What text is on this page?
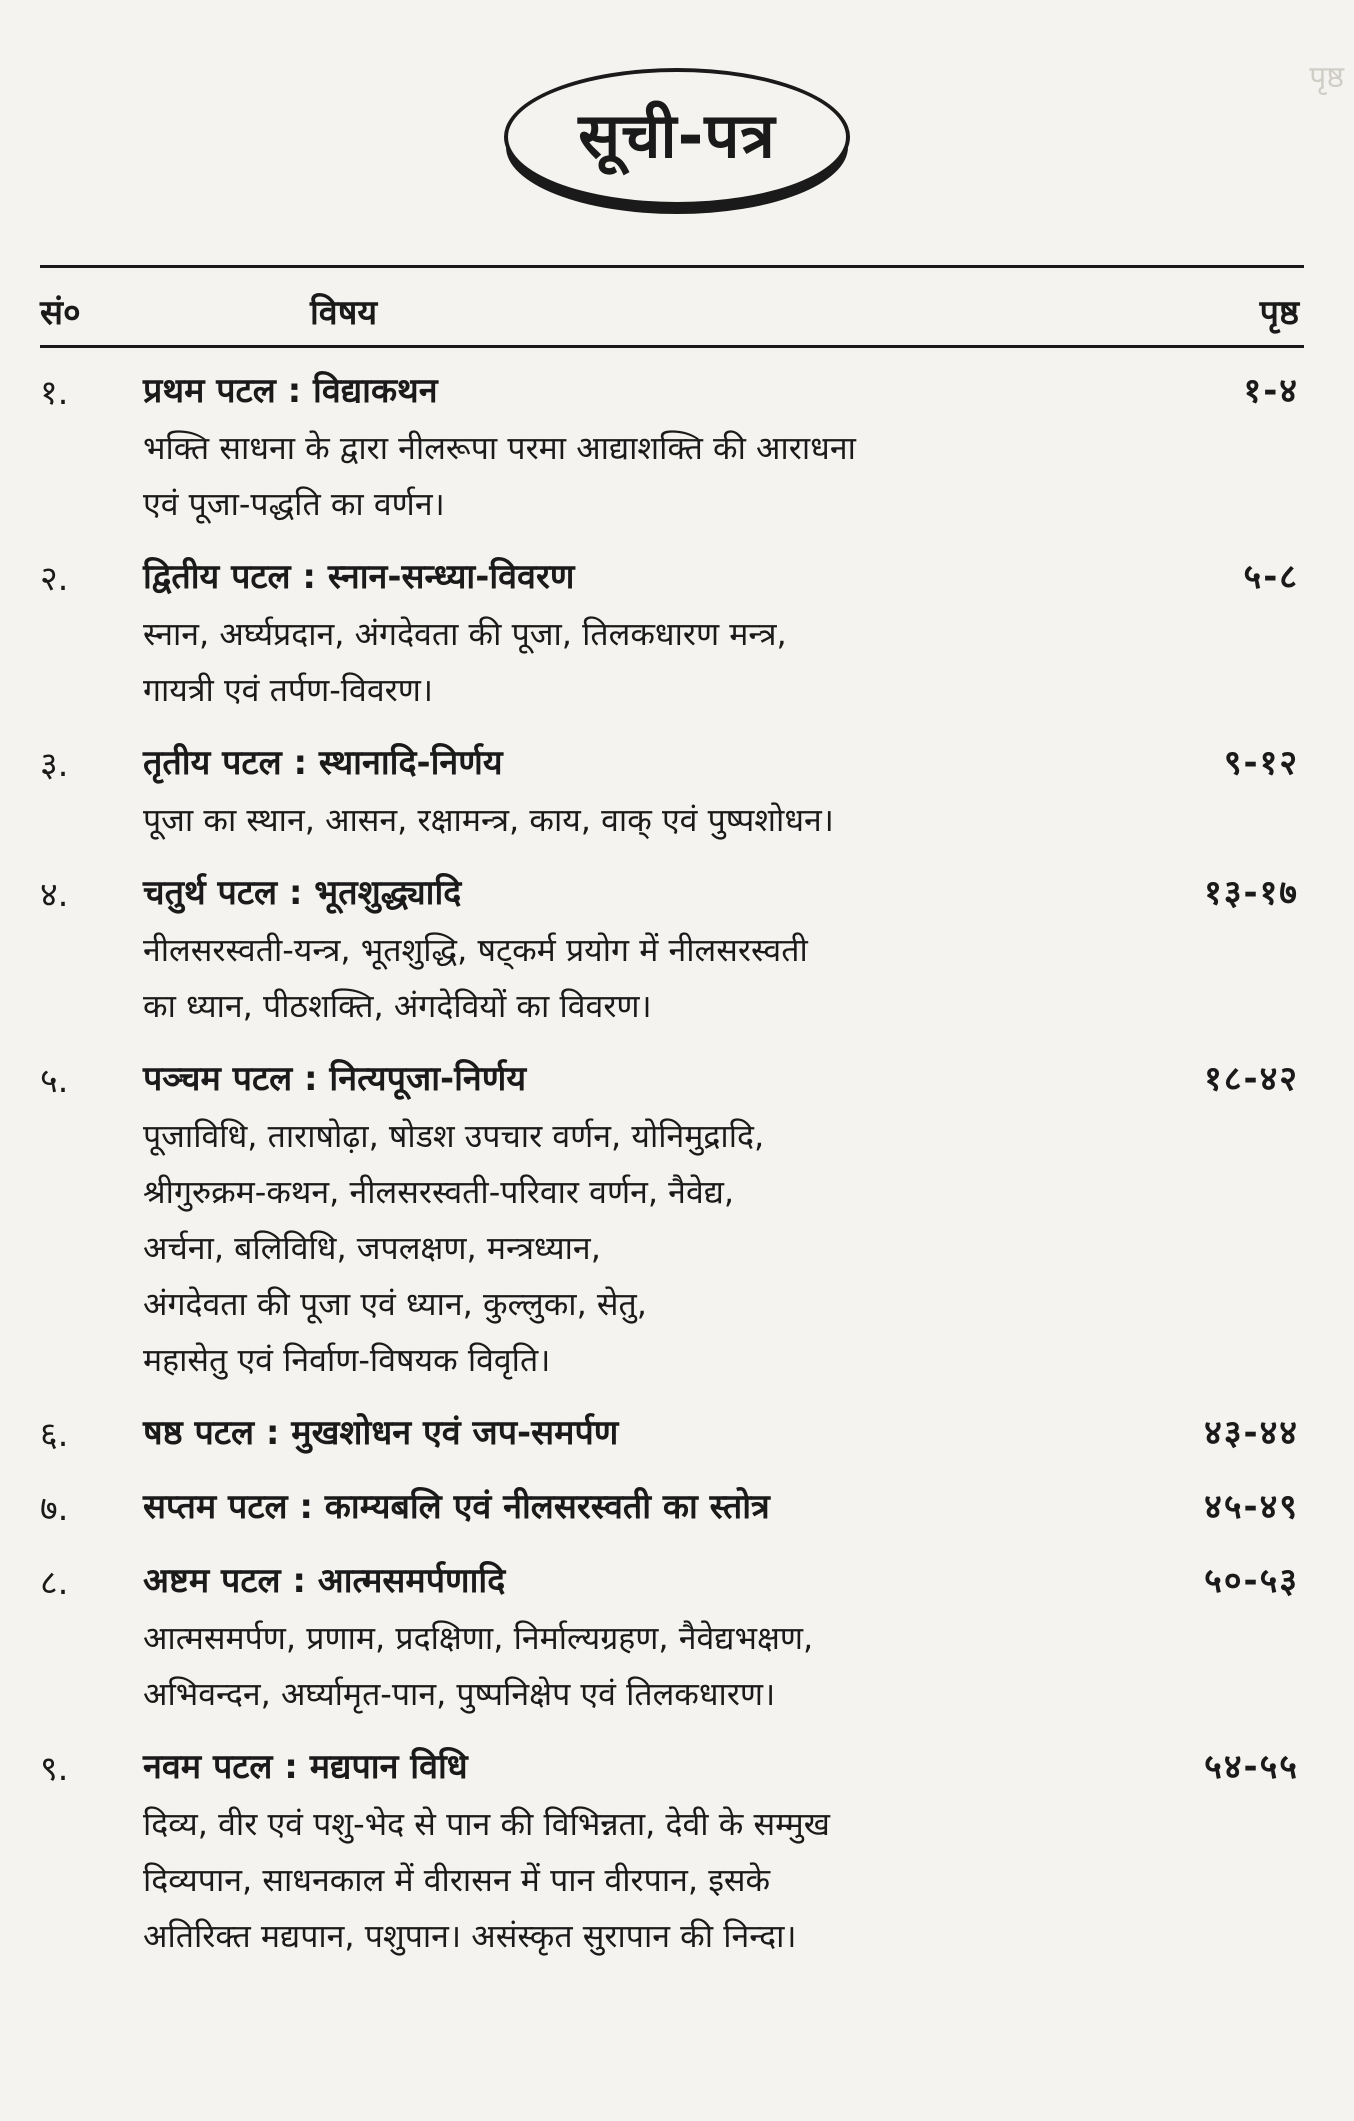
पृष्ठ
सूची-पत्र
सं०	विषय	पृष्ठ
१. प्रथम पटल : विद्याकथन	१-४
भक्ति साधना के द्वारा नीलरूपा परमा आद्याशक्ति की आराधना
एवं पूजा-पद्धति का वर्णन।
२. द्वितीय पटल : स्नान-सन्ध्या-विवरण	५-८
स्नान, अर्घ्यप्रदान, अंगदेवता की पूजा, तिलकधारण मन्त्र,
गायत्री एवं तर्पण-विवरण।
३. तृतीय पटल : स्थानादि-निर्णय	९-१२
पूजा का स्थान, आसन, रक्षामन्त्र, काय, वाक् एवं पुष्पशोधन।
४. चतुर्थ पटल : भूतशुद्ध्यादि	१३-१७
नीलसरस्वती-यन्त्र, भूतशुद्धि, षट्कर्म प्रयोग में नीलसरस्वती
का ध्यान, पीठशक्ति, अंगदेवियों का विवरण।
५. पञ्चम पटल : नित्यपूजा-निर्णय	१८-४२
पूजाविधि, ताराषोढ़ा, षोडश उपचार वर्णन, योनिमुद्रादि,
श्रीगुरुक्रम-कथन, नीलसरस्वती-परिवार वर्णन, नैवेद्य,
अर्चना, बलिविधि, जपलक्षण, मन्त्रध्यान,
अंगदेवता की पूजा एवं ध्यान, कुल्लुका, सेतु,
महासेतु एवं निर्वाण-विषयक विवृति।
६. षष्ठ पटल : मुखशोधन एवं जप-समर्पण	४३-४४
७. सप्तम पटल : काम्यबलि एवं नीलसरस्वती का स्तोत्र	४५-४९
८. अष्टम पटल : आत्मसमर्पणादि	५०-५३
आत्मसमर्पण, प्रणाम, प्रदक्षिणा, निर्माल्यग्रहण, नैवेद्यभक्षण,
अभिवन्दन, अर्घ्यामृत-पान, पुष्पनिक्षेप एवं तिलकधारण।
९. नवम पटल : मद्यपान विधि	५४-५५
दिव्य, वीर एवं पशु-भेद से पान की विभिन्नता, देवी के सम्मुख
दिव्यपान, साधनकाल में वीरासन में पान वीरपान, इसके
अतिरिक्त मद्यपान, पशुपान। असंस्कृत सुरापान की निन्दा।
